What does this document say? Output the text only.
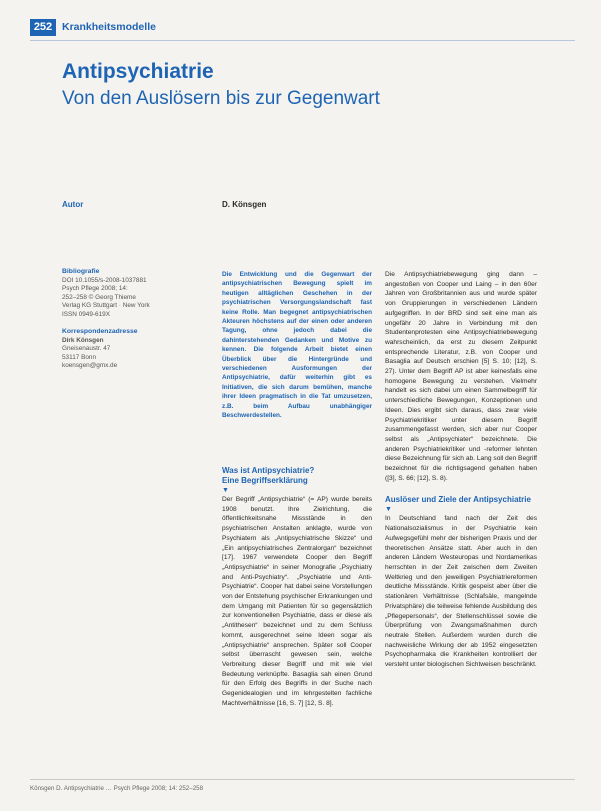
252 Krankheitsmodelle
Antipsychiatrie
Von den Auslösern bis zur Gegenwart
Autor	D. Könsgen
Bibliografie
DOI 10.1055/s-2008-1037881
Psych Pflege 2008; 14:
252–258 © Georg Thieme
Verlag KG Stuttgart · New York
ISSN 0949-619X
Korrespondenzadresse
Dirk Könsgen
Gneisenaustr. 47
53117 Bonn
koensgen@gmx.de
Die Entwicklung und die Gegenwart der antipsychiatrischen Bewegung spielt im heutigen alltäglichen Geschehen in der psychiatrischen Versorgungslandschaft fast keine Rolle. Man begegnet antipsychiatrischen Akteuren höchstens auf der einen oder anderen Tagung, ohne jedoch dabei die dahinterstehenden Gedanken und Motive zu kennen. Die folgende Arbeit bietet einen Überblick über die Hintergründe und verschiedenen Ausformungen der Antipsychiatrie, dafür weiterhin gibt es Initiativen, die sich darum bemühen, manche ihrer Ideen pragmatisch in die Tat umzusetzen, z.B. beim Aufbau unabhängiger Beschwerdestellen.
Was ist Antipsychiatrie?
Eine Begriffserklärung
▼
Der Begriff „Antipsychiatrie“ (= AP) wurde bereits 1908 benutzt. Ihre Zielrichtung, die öffentlichkeitsnahe Missstände in den psychiatrischen Anstalten anklagte, wurde von Psychiatern als „Antipsychiatrische Skizze“ und „Ein antipsychiatrisches Zentralorgan“ bezeichnet [17]. 1967 verwendete Cooper den Begriff „Antipsychiatrie“ in seiner Monografie „Psychiatry and Anti-Psychiatry“. „Psychiatrie und Anti-Psychiatrie“. Cooper hat dabei seine Vorstellungen von der Entstehung psychischer Erkrankungen und dem Umgang mit Patienten für so gegensätzlich zur konventionellen Psychiatrie, dass er diese als „Antithesen“ bezeichnet und zu dem Schluss kommt, ausgerechnet seine Ideen sogar als „Antipsychiatrie“ ansprechen. Später soll Cooper selbst überrascht gewesen sein, welche Verbreitung dieser Begriff und mit wie viel Bedeutung verknüpfte. Basaglia sah einen Grund für den Erfolg des Begriffs in der Suche nach Gegenidealogien und im lehrgestelten fachliche Machtverhältnisse [16, S. 7] [12, S. 8].
Die Antipsychiatriebewegung ging dann – angestoßen von Cooper und Laing – in den 60er Jahren von Großbritannien aus und wurde später von Gruppierungen in verschiedenen Ländern aufgegriffen. In der BRD sind seit eine man als ungefähr 20 Jahre in Verbindung mit den Studentenprotesten eine Antipsychiatriebewegung wahrscheinlich, da erst zu diesem Zeitpunkt entsprechende Literatur, z.B. von Cooper und Basaglia auf Deutsch erschien [5] S. 10; [12], S. 27). Unter dem Begriff AP ist aber keinesfalls eine homogene Bewegung zu verstehen. Vielmehr handelt es sich dabei um einen Sammelbegriff für unterschiedliche Bewegungen, Konzeptionen und Ideen. Dies ergibt sich daraus, dass zwar viele Psychiatriekritiker unter diesem Begriff zusammengefasst werden, sich aber nur Cooper selbst als „Antipsychiater“ bezeichnete. Die anderen Psychiatriekritiker und -reformer lehnten diese Bezeichnung für sich ab. Lang soll den Begriff bezeichnet für die richtigsagend gehalten haben ([3], S. 66; [12], S. 8).
Auslöser und Ziele der Antipsychiatrie
▼
In Deutschland fand nach der Zeit des Nationalsozialismus in der Psychiatrie kein Aufwegsgefühl mehr der bisherigen Praxis und der theoretischen Ansätze statt. Aber auch in den anderen Ländern Westeuropas und Nordamerikas herrschten in der Zeit zwischen dem Zweiten Weltkrieg und den jeweiligen Psychiatriereformen deutliche Missstände. Kritik gespeist aber über die stationären Verhältnisse (Schlafsäle, mangelnde Privatsphäre) die teilweise fehlende Ausbildung des „Pflegepersonals“, der Stellenschlüssel sowie die Überprüfung von Zwangsmaßnahmen durch neutrale Stellen. Außerdem wurden durch die nachweisliche Wirkung der ab 1952 eingesetzten Psychopharmaka die Krankheiten kontrolliert der versteht unter biologischen Sichtweisen beschränkt.
Könsgen D. Antipsychiatrie … Psych Pflege 2008; 14: 252–258
